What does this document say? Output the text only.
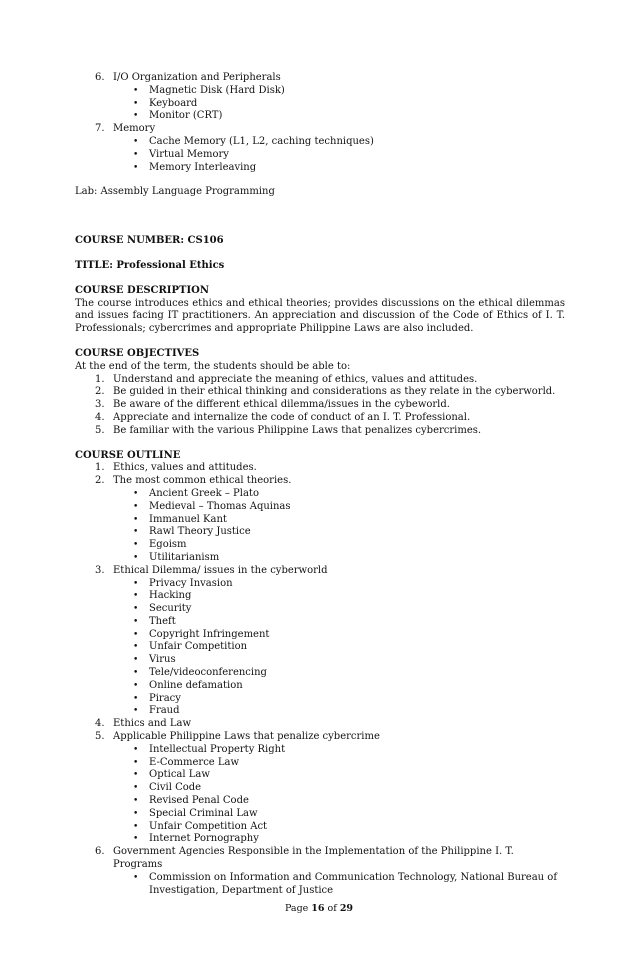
6. I/O Organization and Peripherals
• Magnetic Disk (Hard Disk)
• Keyboard
• Monitor (CRT)
7. Memory
• Cache Memory (L1, L2, caching techniques)
• Virtual Memory
• Memory Interleaving

Lab: Assembly Language Programming

COURSE NUMBER: CS106

TITLE: Professional Ethics

COURSE DESCRIPTION

The course introduces ethics and ethical theories; provides discussions on the ethical dilemmas and issues facing IT practitioners. An appreciation and discussion of the Code of Ethics of I. T. Professionals; cybercrimes and appropriate Philippine Laws are also included.

COURSE OBJECTIVES

At the end of the term, the students should be able to:

1. Understand and appreciate the meaning of ethics, values and attitudes.
2. Be guided in their ethical thinking and considerations as they relate in the cyberworld.
3. Be aware of the different ethical dilemma/issues in the cybeworld.
4. Appreciate and internalize the code of conduct of an I. T. Professional.
5. Be familiar with the various Philippine Laws that penalizes cybercrimes.

COURSE OUTLINE

1. Ethics, values and attitudes.
2. The most common ethical theories.
• Ancient Greek – Plato
• Medieval – Thomas Aquinas
• Immanuel Kant
• Rawl Theory Justice
• Egoism
• Utilitarianism
3. Ethical Dilemma/ issues in the cyberworld
• Privacy Invasion
• Hacking
• Security
• Theft
• Copyright Infringement
• Unfair Competition
• Virus
• Tele/videoconferencing
• Online defamation
• Piracy
• Fraud
4. Ethics and Law
5. Applicable Philippine Laws that penalize cybercrime
• Intellectual Property Right
• E-Commerce Law
• Optical Law
• Civil Code
• Revised Penal Code
• Special Criminal Law
• Unfair Competition Act
• Internet Pornography
6. Government Agencies Responsible in the Implementation of the Philippine I. T. Programs
• Commission on Information and Communication Technology, National Bureau of Investigation, Department of Justice
Page 16 of 29
